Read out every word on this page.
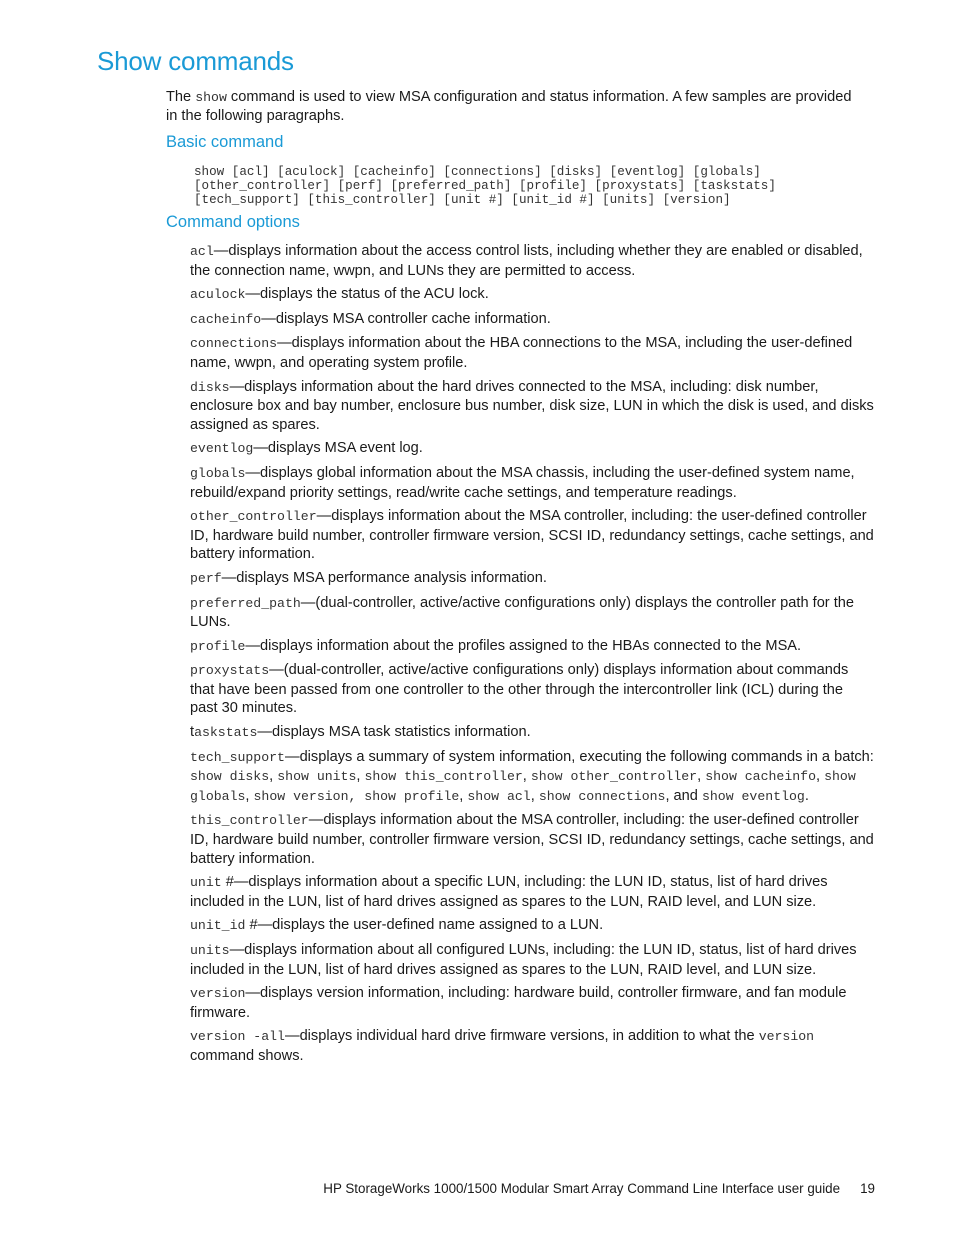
Show commands

The show command is used to view MSA configuration and status information. A few samples are provided in the following paragraphs.

Basic command
show [acl] [aculock] [cacheinfo] [connections] [disks] [eventlog] [globals]
[other_controller] [perf] [preferred_path] [profile] [proxystats] [taskstats]
[tech_support] [this_controller] [unit #] [unit_id #] [units] [version]
Command options
acl—displays information about the access control lists, including whether they are enabled or disabled, the connection name, wwpn, and LUNs they are permitted to access.
aculock—displays the status of the ACU lock.
cacheinfo—displays MSA controller cache information.
connections—displays information about the HBA connections to the MSA, including the user-defined name, wwpn, and operating system profile.
disks—displays information about the hard drives connected to the MSA, including: disk number, enclosure box and bay number, enclosure bus number, disk size, LUN in which the disk is used, and disks assigned as spares.
eventlog—displays MSA event log.
globals—displays global information about the MSA chassis, including the user-defined system name, rebuild/expand priority settings, read/write cache settings, and temperature readings.
other_controller—displays information about the MSA controller, including: the user-defined controller ID, hardware build number, controller firmware version, SCSI ID, redundancy settings, cache settings, and battery information.
perf—displays MSA performance analysis information.
preferred_path—(dual-controller, active/active configurations only) displays the controller path for the LUNs.
profile—displays information about the profiles assigned to the HBAs connected to the MSA.
proxystats—(dual-controller, active/active configurations only) displays information about commands that have been passed from one controller to the other through the intercontroller link (ICL) during the past 30 minutes.
taskstats—displays MSA task statistics information.
tech_support—displays a summary of system information, executing the following commands in a batch: show disks, show units, show this_controller, show other_controller, show cacheinfo, show globals, show version, show profile, show acl, show connections, and show eventlog.
this_controller—displays information about the MSA controller, including: the user-defined controller ID, hardware build number, controller firmware version, SCSI ID, redundancy settings, cache settings, and battery information.
unit #—displays information about a specific LUN, including: the LUN ID, status, list of hard drives included in the LUN, list of hard drives assigned as spares to the LUN, RAID level, and LUN size.
unit_id #—displays the user-defined name assigned to a LUN.
units—displays information about all configured LUNs, including: the LUN ID, status, list of hard drives included in the LUN, list of hard drives assigned as spares to the LUN, RAID level, and LUN size.
version—displays version information, including: hardware build, controller firmware, and fan module firmware.
version -all—displays individual hard drive firmware versions, in addition to what the version command shows.
HP StorageWorks 1000/1500 Modular Smart Array Command Line Interface user guide 19
